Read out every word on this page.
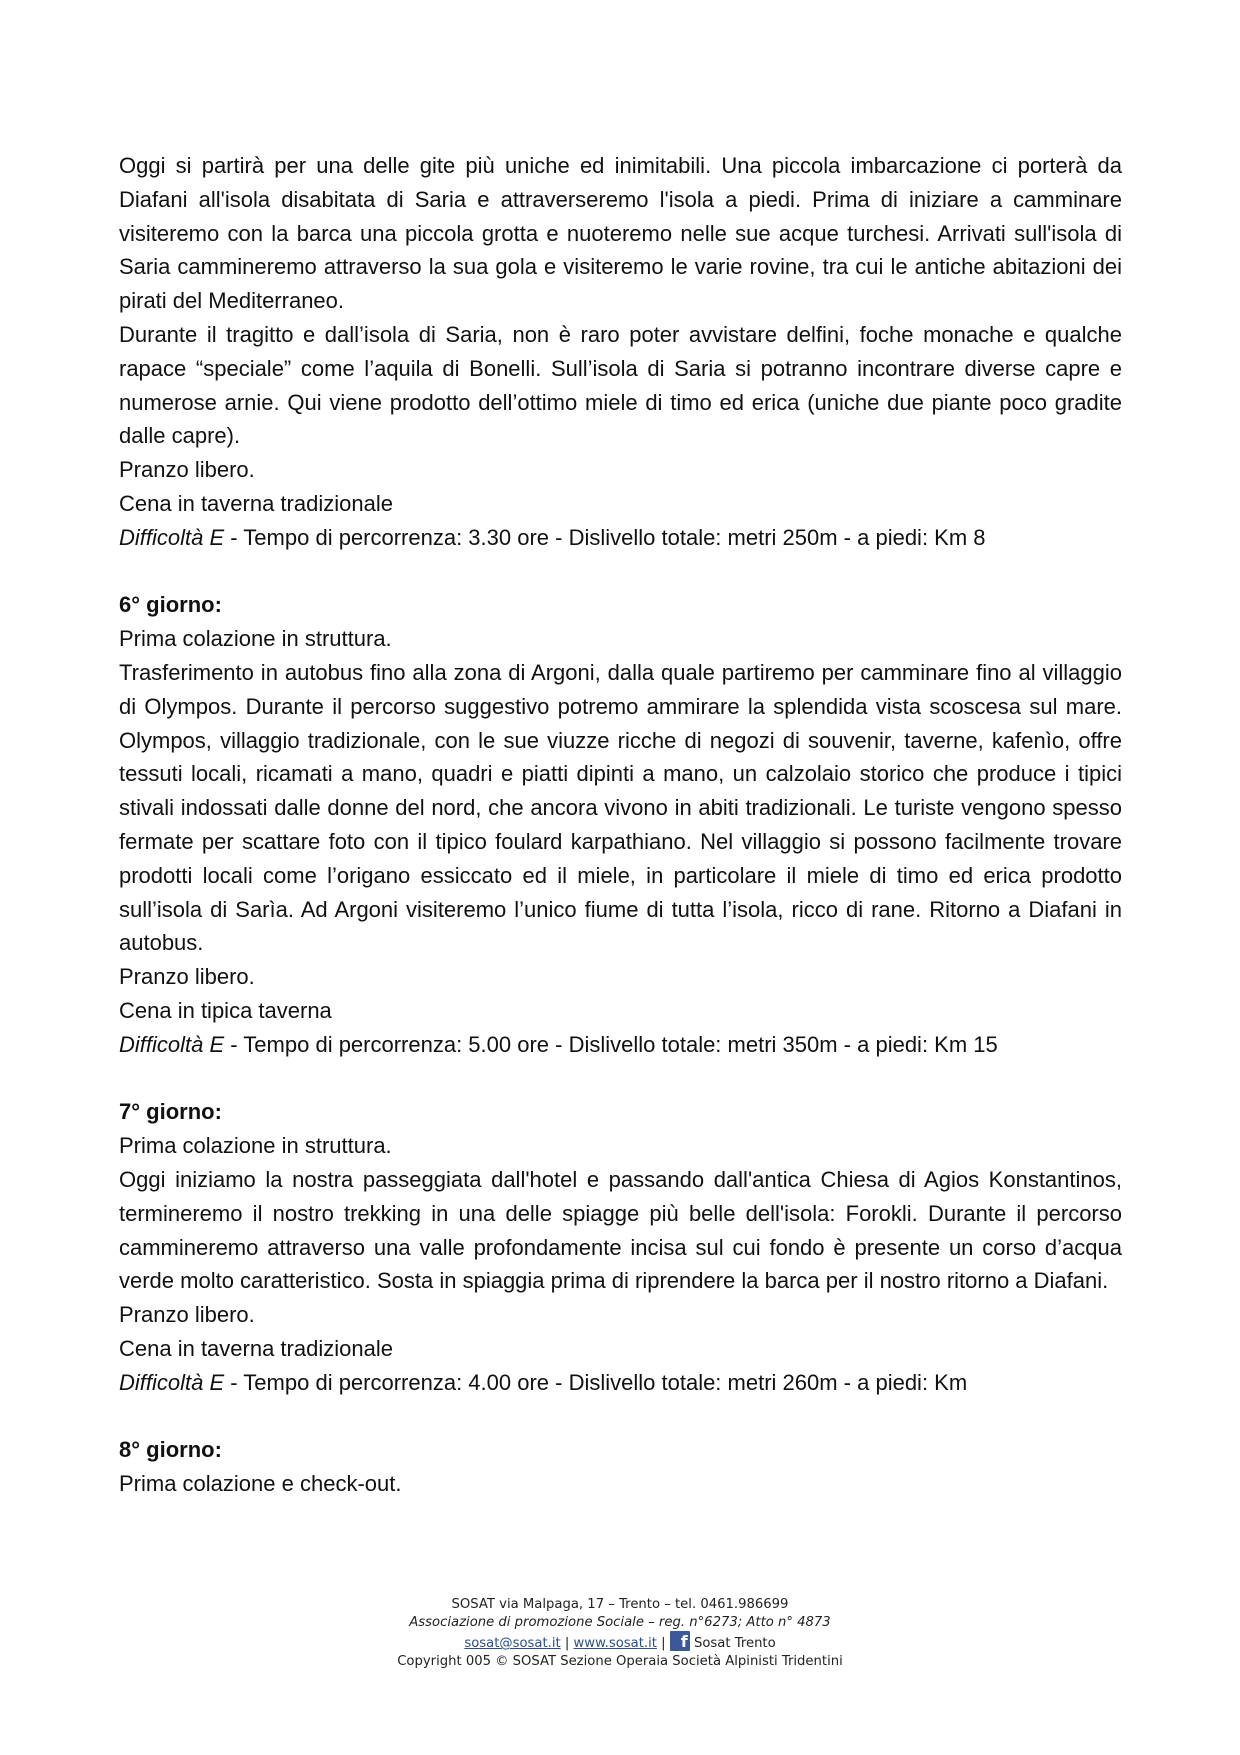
Oggi si partirà per una delle gite più uniche ed inimitabili. Una piccola imbarcazione ci porterà da Diafani all'isola disabitata di Saria e attraverseremo l'isola a piedi. Prima di iniziare a camminare visiteremo con la barca una piccola grotta e nuoteremo nelle sue acque turchesi. Arrivati sull'isola di Saria cammineremo attraverso la sua gola e visiteremo le varie rovine, tra cui le antiche abitazioni dei pirati del Mediterraneo.

Durante il tragitto e dall’isola di Saria, non è raro poter avvistare delfini, foche monache e qualche rapace “speciale” come l’aquila di Bonelli. Sull’isola di Saria si potranno incontrare diverse capre e numerose arnie. Qui viene prodotto dell’ottimo miele di timo ed erica (uniche due piante poco gradite dalle capre).

Pranzo libero.

Cena in taverna tradizionale

Difficoltà E - Tempo di percorrenza: 3.30 ore - Dislivello totale: metri 250m - a piedi: Km 8

6° giorno:

Prima colazione in struttura.

Trasferimento in autobus fino alla zona di Argoni, dalla quale partiremo per camminare fino al villaggio di Olympos. Durante il percorso suggestivo potremo ammirare la splendida vista scoscesa sul mare. Olympos, villaggio tradizionale, con le sue viuzze ricche di negozi di souvenir, taverne, kafenìo, offre tessuti locali, ricamati a mano, quadri e piatti dipinti a mano, un calzolaio storico che produce i tipici stivali indossati dalle donne del nord, che ancora vivono in abiti tradizionali. Le turiste vengono spesso fermate per scattare foto con il tipico foulard karpathiano. Nel villaggio si possono facilmente trovare prodotti locali come l’origano essiccato ed il miele, in particolare il miele di timo ed erica prodotto sull’isola di Sarìa. Ad Argoni visiteremo l’unico fiume di tutta l’isola, ricco di rane. Ritorno a Diafani in autobus.

Pranzo libero.

Cena in tipica taverna

Difficoltà E - Tempo di percorrenza: 5.00 ore - Dislivello totale: metri 350m - a piedi: Km 15

7° giorno:

Prima colazione in struttura.

Oggi iniziamo la nostra passeggiata dall'hotel e passando dall'antica Chiesa di Agios Konstantinos, termineremo il nostro trekking in una delle spiagge più belle dell'isola: Forokli. Durante il percorso cammineremo attraverso una valle profondamente incisa sul cui fondo è presente un corso d’acqua verde molto caratteristico. Sosta in spiaggia prima di riprendere la barca per il nostro ritorno a Diafani.

Pranzo libero.

Cena in taverna tradizionale

Difficoltà E - Tempo di percorrenza: 4.00 ore - Dislivello totale: metri 260m - a piedi: Km

8° giorno:

Prima colazione e check-out.

SOSAT via Malpaga, 17 – Trento – tel. 0461.986699
Associazione di promozione Sociale – reg. n°6273; Atto n° 4873
sosat@sosat.it | www.sosat.it | f Sosat Trento
Copyright 005 © SOSAT Sezione Operaia Società Alpinisti Tridentini
